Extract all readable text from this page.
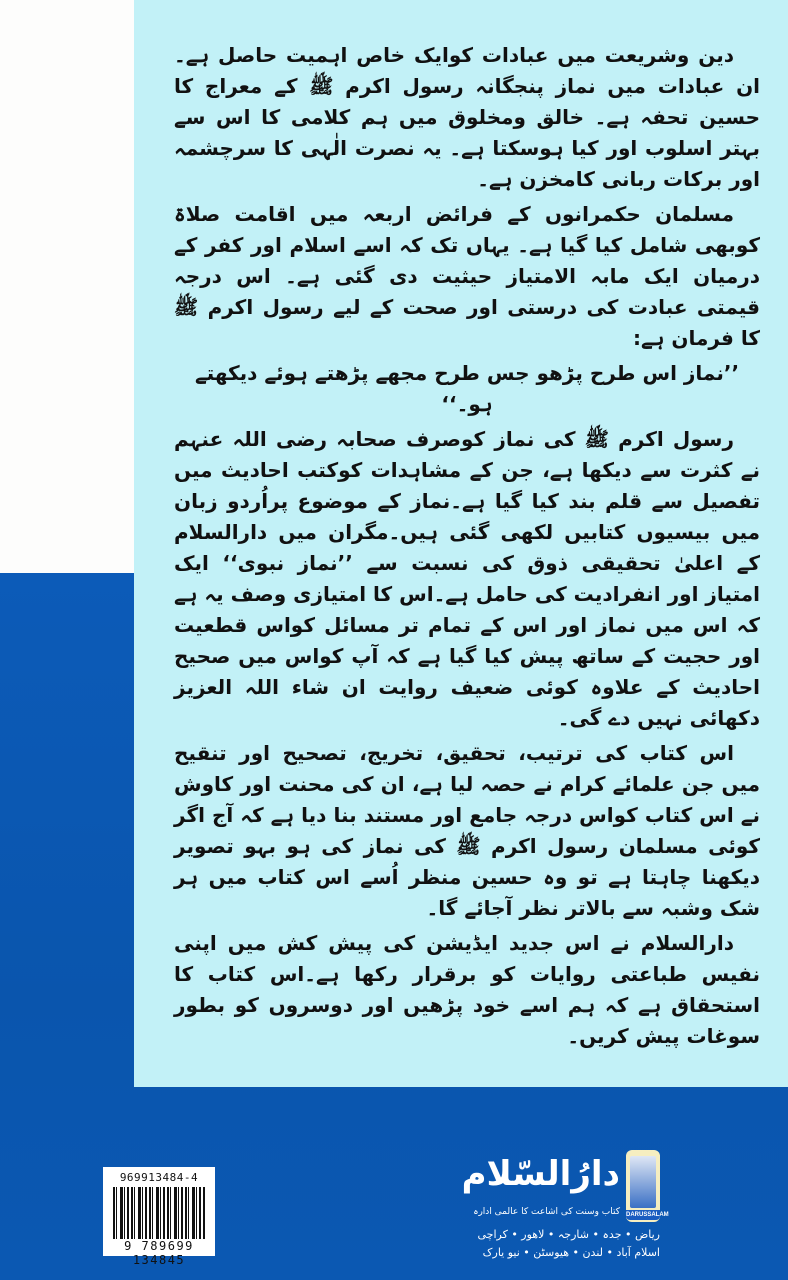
دین وشریعت میں عبادات کوایک خاص اہمیت حاصل ہے۔ان عبادات میں نماز پنجگانہ رسول اکرم ﷺ کے معراج کا حسین تحفہ ہے۔ خالق ومخلوق میں ہم کلامی کا اس سے بہتر اسلوب اور کیا ہوسکتا ہے۔ یہ نصرت الٰہی کا سرچشمہ اور برکات ربانی کامخزن ہے۔

مسلمان حکمرانوں کے فرائض اربعہ میں اقامت صلاۃ کوبھی شامل کیا گیا ہے۔ یہاں تک کہ اسے اسلام اور کفر کے درمیان ایک مابہ الامتیاز حیثیت دی گئی ہے۔ اس درجہ قیمتی عبادت کی درستی اور صحت کے لیے رسول اکرم ﷺ کا فرمان ہے:

’’نماز اس طرح پڑھو جس طرح مجھے پڑھتے ہوئے دیکھتے ہو۔‘‘

رسول اکرم ﷺ کی نماز کوصرف صحابہ رضی اللہ عنہم نے کثرت سے دیکھا ہے، جن کے مشاہدات کوکتب احادیث میں تفصیل سے قلم بند کیا گیا ہے۔نماز کے موضوع پراُردو زبان میں بیسیوں کتابیں لکھی گئی ہیں۔مگران میں دارالسلام کے اعلیٰ تحقیقی ذوق کی نسبت سے ’’نماز نبوی‘‘ ایک امتیاز اور انفرادیت کی حامل ہے۔اس کا امتیازی وصف یہ ہے کہ اس میں نماز اور اس کے تمام تر مسائل کواس قطعیت اور حجیت کے ساتھ پیش کیا گیا ہے کہ آپ کواس میں صحیح احادیث کے علاوہ کوئی ضعیف روایت ان شاء اللہ العزیز دکھائی نہیں دے گی۔

اس کتاب کی ترتیب، تحقیق، تخریج، تصحیح اور تنقیح میں جن علمائے کرام نے حصہ لیا ہے، ان کی محنت اور کاوش نے اس کتاب کواس درجہ جامع اور مستند بنا دیا ہے کہ آج اگر کوئی مسلمان رسول اکرم ﷺ کی نماز کی ہو بہو تصویر دیکھنا چاہتا ہے تو وہ حسین منظر اُسے اس کتاب میں ہر شک وشبہ سے بالاتر نظر آجائے گا۔

دارالسلام نے اس جدید ایڈیشن کی پیش کش میں اپنی نفیس طباعتی روایات کو برقرار رکھا ہے۔اس کتاب کا استحقاق ہے کہ ہم اسے خود پڑھیں اور دوسروں کو بطور سوغات پیش کریں۔

969913484-4
9 789699 134845
DARUSSALAM
دارُالسّلام
کتاب وسنت کی اشاعت کا عالمی ادارہ
ریاض • جدہ • شارجہ • لاهور • کراچی
اسلام آباد • لندن • هیوسٹن • نیو یارک
